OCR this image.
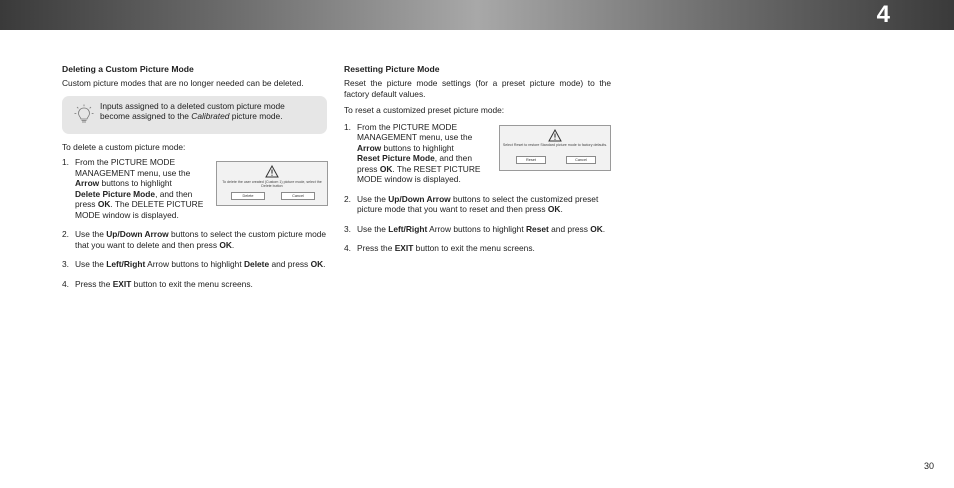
4
Deleting a Custom Picture Mode

Custom picture modes that are no longer needed can be deleted.

Inputs assigned to a deleted custom picture mode
become assigned to the Calibrated picture mode.

To delete a custom picture mode:

1. From the PICTURE MODE
MANAGEMENT menu, use the
Arrow buttons to highlight
Delete Picture Mode, and then
press OK. The DELETE PICTURE
MODE window is displayed.
2. Use the Up/Down Arrow buttons to select the custom picture mode that you want to delete and then press OK.
3. Use the Left/Right Arrow buttons to highlight Delete and press OK.
4. Press the EXIT button to exit the menu screens.
To delete the user created (Custom 1) picture mode, select the Delete button
Delete	Cancel
Resetting Picture Mode

Reset the picture mode settings (for a preset picture mode) to the factory default values.

To reset a customized preset picture mode:

1. From the PICTURE MODE
MANAGEMENT menu, use the
Arrow buttons to highlight
Reset Picture Mode, and then
press OK. The RESET PICTURE
MODE window is displayed.
2. Use the Up/Down Arrow buttons to select the customized preset picture mode that you want to reset and then press OK.
3. Use the Left/Right Arrow buttons to highlight Reset and press OK.
4. Press the EXIT button to exit the menu screens.
Select Reset to restore Standard picture mode to factory defaults.
Reset	Cancel
30
